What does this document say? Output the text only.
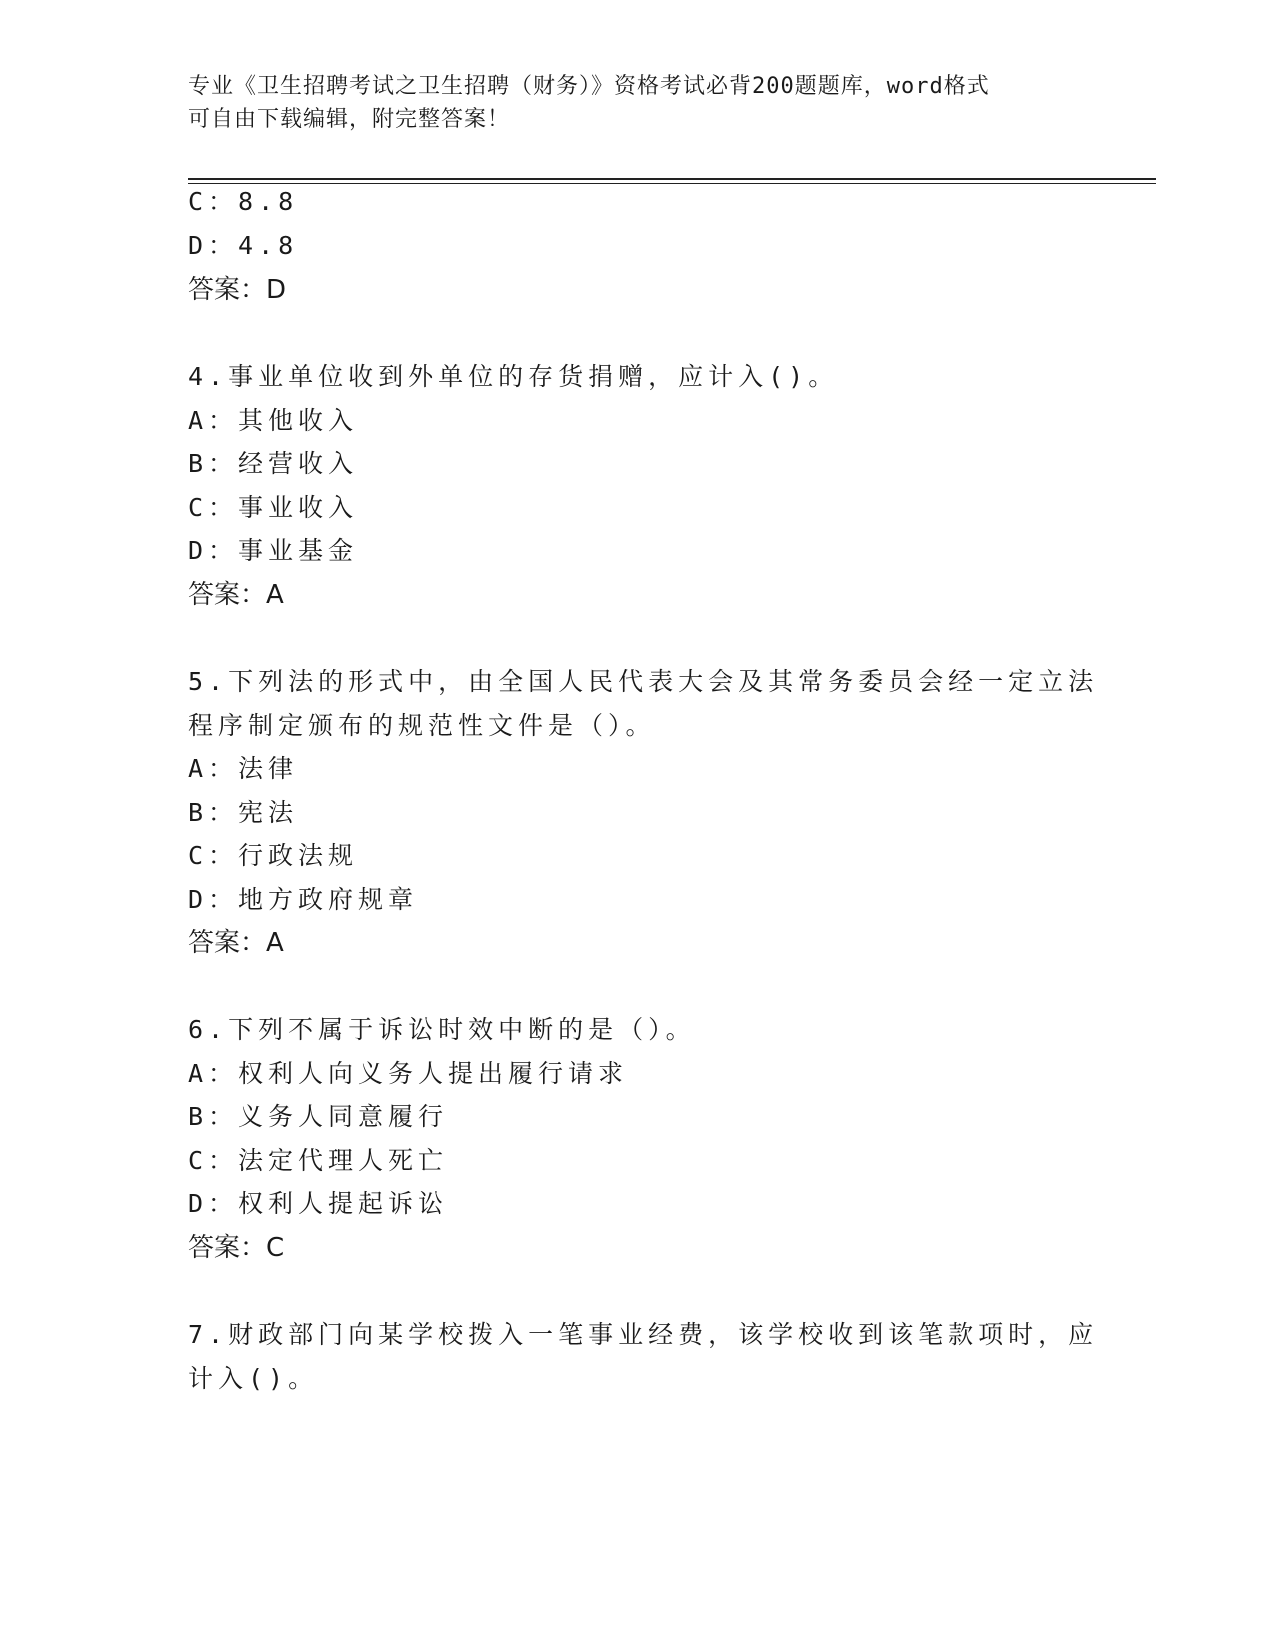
专业《卫生招聘考试之卫生招聘（财务）》资格考试必背200题题库，word格式
可自由下载编辑，附完整答案！
C：8.8
D：4.8
答案：D
4.事业单位收到外单位的存货捐赠，应计入()。
A：其他收入
B：经营收入
C：事业收入
D：事业基金
答案：A
5.下列法的形式中，由全国人民代表大会及其常务委员会经一定立法
程序制定颁布的规范性文件是（）。
A：法律
B：宪法
C：行政法规
D：地方政府规章
答案：A
6.下列不属于诉讼时效中断的是（）。
A：权利人向义务人提出履行请求
B：义务人同意履行
C：法定代理人死亡
D：权利人提起诉讼
答案：C
7.财政部门向某学校拨入一笔事业经费，该学校收到该笔款项时，应
计入()。
